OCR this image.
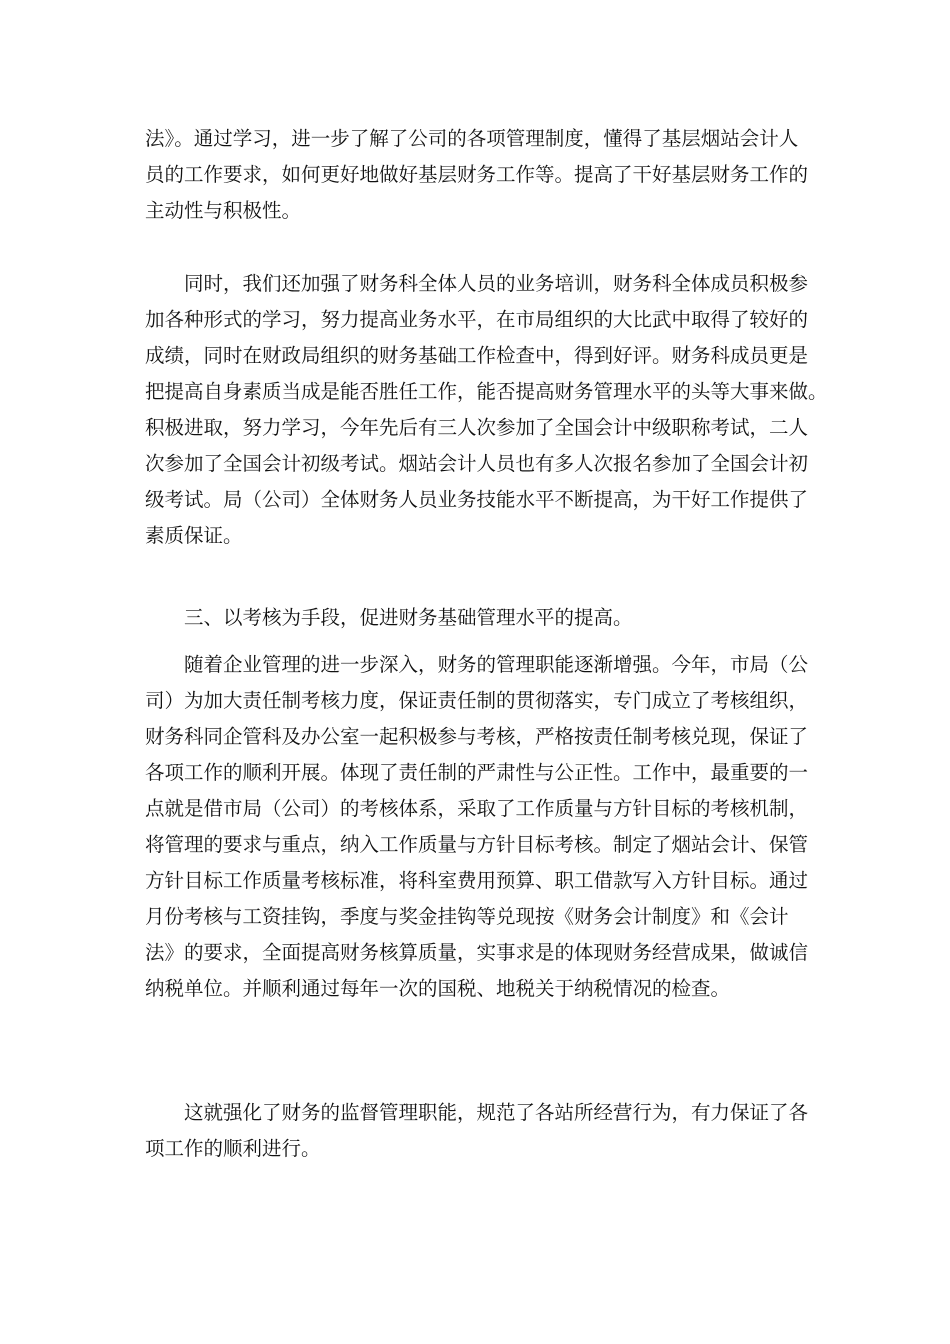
法》。通过学习，进一步了解了公司的各项管理制度，懂得了基层烟站会计人
员的工作要求，如何更好地做好基层财务工作等。提高了干好基层财务工作的
主动性与积极性。
同时，我们还加强了财务科全体人员的业务培训，财务科全体成员积极参
加各种形式的学习，努力提高业务水平，在市局组织的大比武中取得了较好的
成绩，同时在财政局组织的财务基础工作检查中，得到好评。财务科成员更是
把提高自身素质当成是能否胜任工作，能否提高财务管理水平的头等大事来做。
积极进取，努力学习，今年先后有三人次参加了全国会计中级职称考试，二人
次参加了全国会计初级考试。烟站会计人员也有多人次报名参加了全国会计初
级考试。局（公司）全体财务人员业务技能水平不断提高，为干好工作提供了
素质保证。
三、以考核为手段，促进财务基础管理水平的提高。
随着企业管理的进一步深入，财务的管理职能逐渐增强。今年，市局（公
司）为加大责任制考核力度，保证责任制的贯彻落实，专门成立了考核组织，
财务科同企管科及办公室一起积极参与考核，严格按责任制考核兑现，保证了
各项工作的顺利开展。体现了责任制的严肃性与公正性。工作中，最重要的一
点就是借市局（公司）的考核体系，采取了工作质量与方针目标的考核机制，
将管理的要求与重点，纳入工作质量与方针目标考核。制定了烟站会计、保管
方针目标工作质量考核标准，将科室费用预算、职工借款写入方针目标。通过
月份考核与工资挂钩，季度与奖金挂钩等兑现按《财务会计制度》和《会计
法》的要求，全面提高财务核算质量，实事求是的体现财务经营成果，做诚信
纳税单位。并顺利通过每年一次的国税、地税关于纳税情况的检查。
这就强化了财务的监督管理职能，规范了各站所经营行为，有力保证了各
项工作的顺利进行。
